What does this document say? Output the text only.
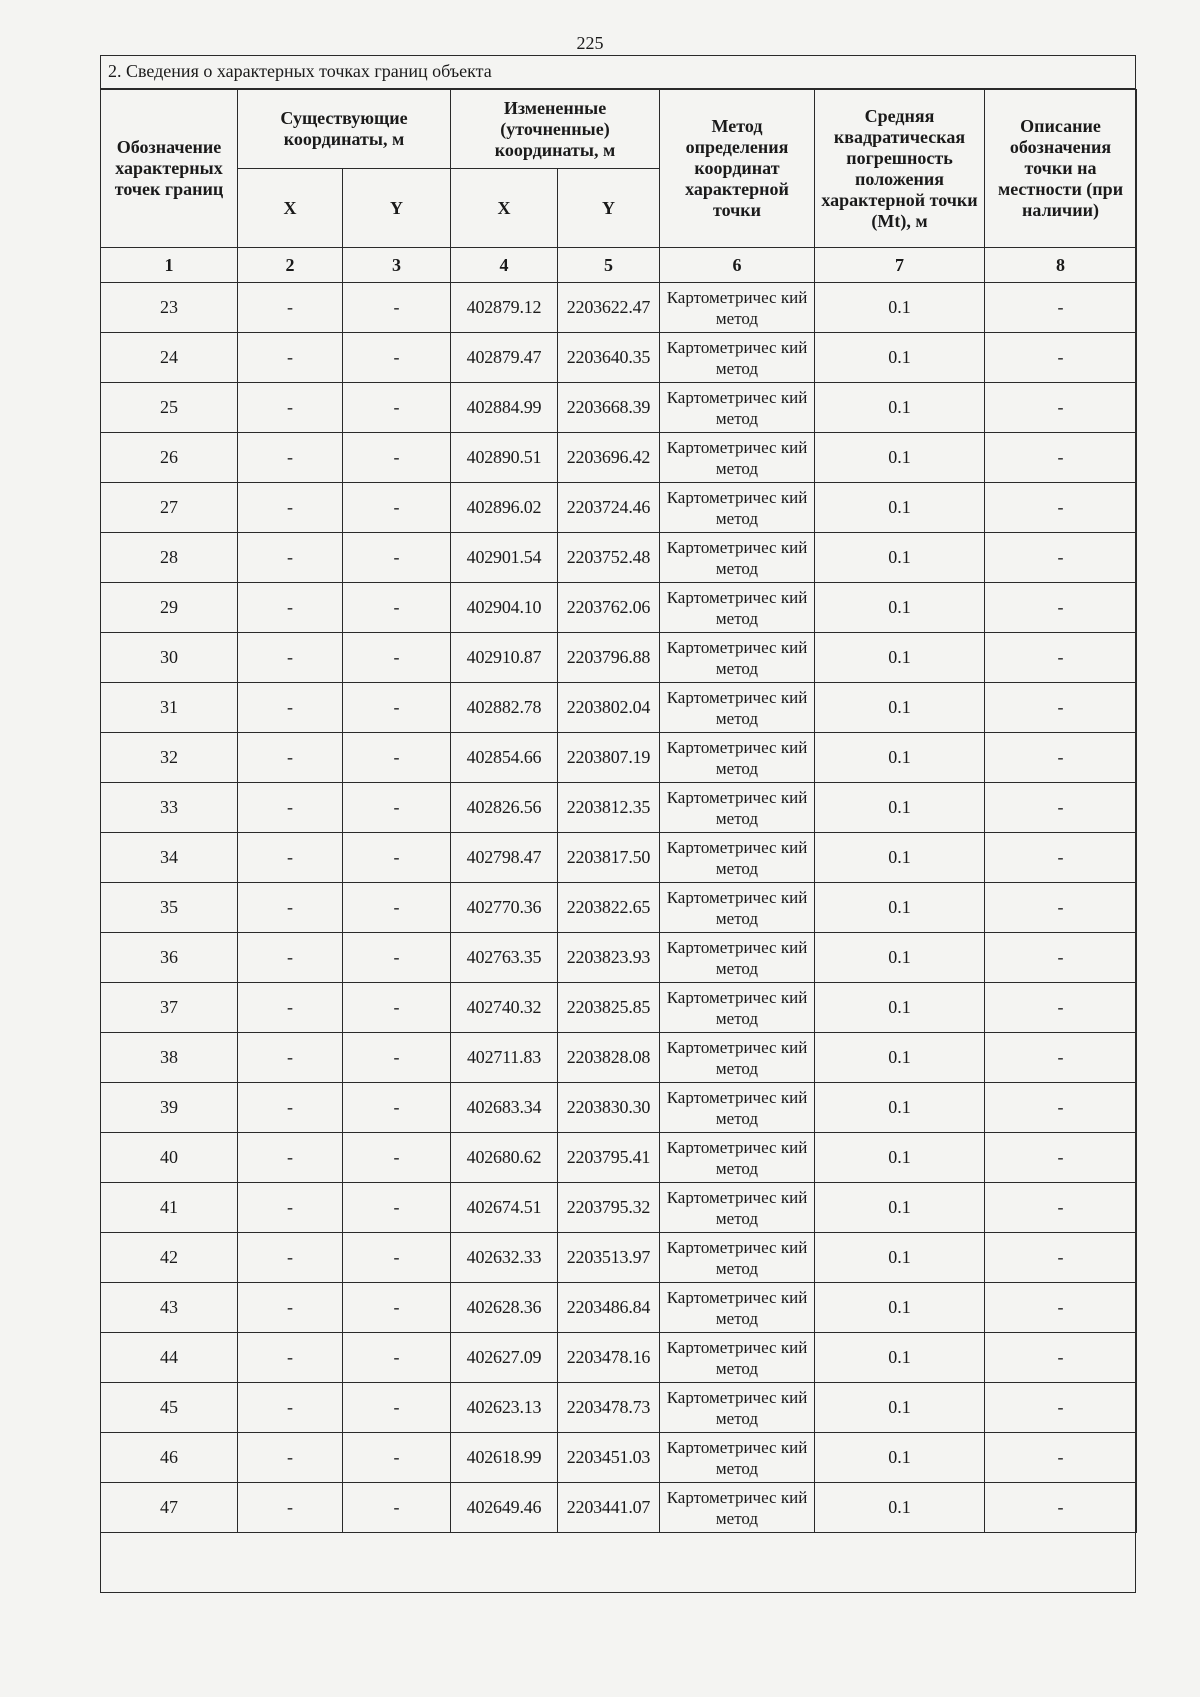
225
2. Сведения о характерных точках границ объекта
Обозначение характерных точек границ	Существующие координаты, м		Измененные (уточненные) координаты, м		Метод определения координат характерной точки	Средняя квадратическая погрешность положения характерной точки (Mt), м	Описание обозначения точки на местности (при наличии)
	X	Y	X	Y			
1	2	3	4	5	6	7	8
23	-	-	402879.12	2203622.47	Картометричес кий метод	0.1	-
24	-	-	402879.47	2203640.35	Картометричес кий метод	0.1	-
25	-	-	402884.99	2203668.39	Картометричес кий метод	0.1	-
26	-	-	402890.51	2203696.42	Картометричес кий метод	0.1	-
27	-	-	402896.02	2203724.46	Картометричес кий метод	0.1	-
28	-	-	402901.54	2203752.48	Картометричес кий метод	0.1	-
29	-	-	402904.10	2203762.06	Картометричес кий метод	0.1	-
30	-	-	402910.87	2203796.88	Картометричес кий метод	0.1	-
31	-	-	402882.78	2203802.04	Картометричес кий метод	0.1	-
32	-	-	402854.66	2203807.19	Картометричес кий метод	0.1	-
33	-	-	402826.56	2203812.35	Картометричес кий метод	0.1	-
34	-	-	402798.47	2203817.50	Картометричес кий метод	0.1	-
35	-	-	402770.36	2203822.65	Картометричес кий метод	0.1	-
36	-	-	402763.35	2203823.93	Картометричес кий метод	0.1	-
37	-	-	402740.32	2203825.85	Картометричес кий метод	0.1	-
38	-	-	402711.83	2203828.08	Картометричес кий метод	0.1	-
39	-	-	402683.34	2203830.30	Картометричес кий метод	0.1	-
40	-	-	402680.62	2203795.41	Картометричес кий метод	0.1	-
41	-	-	402674.51	2203795.32	Картометричес кий метод	0.1	-
42	-	-	402632.33	2203513.97	Картометричес кий метод	0.1	-
43	-	-	402628.36	2203486.84	Картометричес кий метод	0.1	-
44	-	-	402627.09	2203478.16	Картометричес кий метод	0.1	-
45	-	-	402623.13	2203478.73	Картометричес кий метод	0.1	-
46	-	-	402618.99	2203451.03	Картометричес кий метод	0.1	-
47	-	-	402649.46	2203441.07	Картометричес кий метод	0.1	-
